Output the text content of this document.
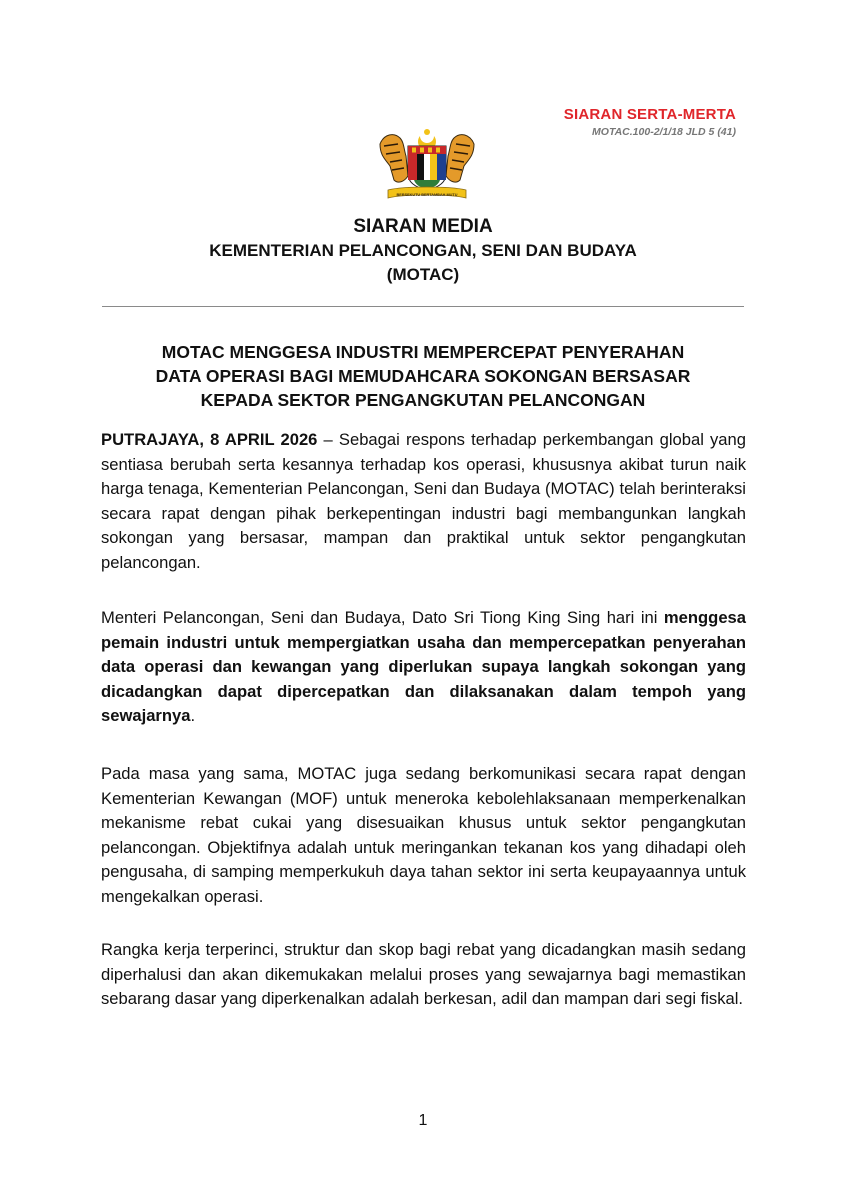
SIARAN SERTA-MERTA
MOTAC.100-2/1/18 JLD 5 (41)
BERSEKUTU BERTAMBAH MUTU
SIARAN MEDIA
KEMENTERIAN PELANCONGAN, SENI DAN BUDAYA
(MOTAC)
MOTAC MENGGESA INDUSTRI MEMPERCEPAT PENYERAHAN
DATA OPERASI BAGI MEMUDAHCARA SOKONGAN BERSASAR
KEPADA SEKTOR PENGANGKUTAN PELANCONGAN

PUTRAJAYA, 8 APRIL 2026 – Sebagai respons terhadap perkembangan global yang sentiasa berubah serta kesannya terhadap kos operasi, khususnya akibat turun naik harga tenaga, Kementerian Pelancongan, Seni dan Budaya (MOTAC) telah berinteraksi secara rapat dengan pihak berkepentingan industri bagi membangunkan langkah sokongan yang bersasar, mampan dan praktikal untuk sektor pengangkutan pelancongan.

Menteri Pelancongan, Seni dan Budaya, Dato Sri Tiong King Sing hari ini menggesa pemain industri untuk mempergiatkan usaha dan mempercepatkan penyerahan data operasi dan kewangan yang diperlukan supaya langkah sokongan yang dicadangkan dapat dipercepatkan dan dilaksanakan dalam tempoh yang sewajarnya.

Pada masa yang sama, MOTAC juga sedang berkomunikasi secara rapat dengan Kementerian Kewangan (MOF) untuk meneroka kebolehlaksanaan memperkenalkan mekanisme rebat cukai yang disesuaikan khusus untuk sektor pengangkutan pelancongan. Objektifnya adalah untuk meringankan tekanan kos yang dihadapi oleh pengusaha, di samping memperkukuh daya tahan sektor ini serta keupayaannya untuk mengekalkan operasi.

Rangka kerja terperinci, struktur dan skop bagi rebat yang dicadangkan masih sedang diperhalusi dan akan dikemukakan melalui proses yang sewajarnya bagi memastikan sebarang dasar yang diperkenalkan adalah berkesan, adil dan mampan dari segi fiskal.

1
